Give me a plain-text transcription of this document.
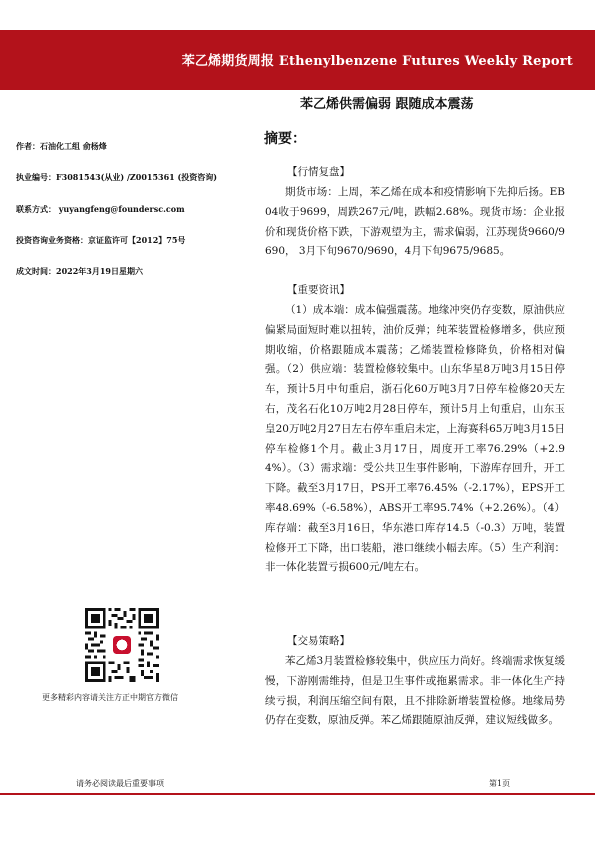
苯乙烯期货周报 Ethenylbenzene Futures Weekly Report
苯乙烯供需偏弱 跟随成本震荡
作者：石油化工组 俞杨烽
执业编号：F3081543(从业) /Z0015361 (投资咨询)
联系方式： yuyangfeng@foundersc.com
投资咨询业务资格：京证监许可【2012】75号
成文时间：2022年3月19日星期六
摘要：
【行情复盘】
期货市场：上周，苯乙烯在成本和疫情影响下先抑后扬。EB04收于9699，周跌267元/吨，跌幅2.68%。现货市场：企业报价和现货价格下跌，下游观望为主，需求偏弱，江苏现货9660/9690， 3月下旬9670/9690，4月下旬9675/9685。
【重要资讯】
（1）成本端：成本偏强震荡。地缘冲突仍存变数，原油供应偏紧局面短时难以扭转，油价反弹；纯苯装置检修增多，供应预期收缩，价格跟随成本震荡；乙烯装置检修降负，价格相对偏强。（2）供应端：装置检修较集中。山东华星8万吨3月15日停车，预计5月中旬重启，浙石化60万吨3月7日停车检修20天左右，茂名石化10万吨2月28日停车，预计5月上旬重启，山东玉皇20万吨2月27日左右停车重启未定，上海赛科65万吨3月15日停车检修1个月。截止3月17日，周度开工率76.29%（+2.94%）。（3）需求端：受公共卫生事件影响，下游库存回升，开工下降。截至3月17日，PS开工率76.45%（-2.17%），EPS开工率48.69%（-6.58%），ABS开工率95.74%（+2.26%）。（4）库存端：截至3月16日，华东港口库存14.5（-0.3）万吨，装置检修开工下降，出口装船，港口继续小幅去库。（5）生产利润：非一体化装置亏损600元/吨左右。
【交易策略】
苯乙烯3月装置检修较集中，供应压力尚好。终端需求恢复缓慢，下游刚需维持，但是卫生事件或拖累需求。非一体化生产持续亏损，利润压缩空间有限，且不排除新增装置检修。地缘局势仍存在变数，原油反弹。苯乙烯跟随原油反弹，建议短线做多。
更多精彩内容请关注方正中期官方微信
请务必阅读最后重要事项	第1页
